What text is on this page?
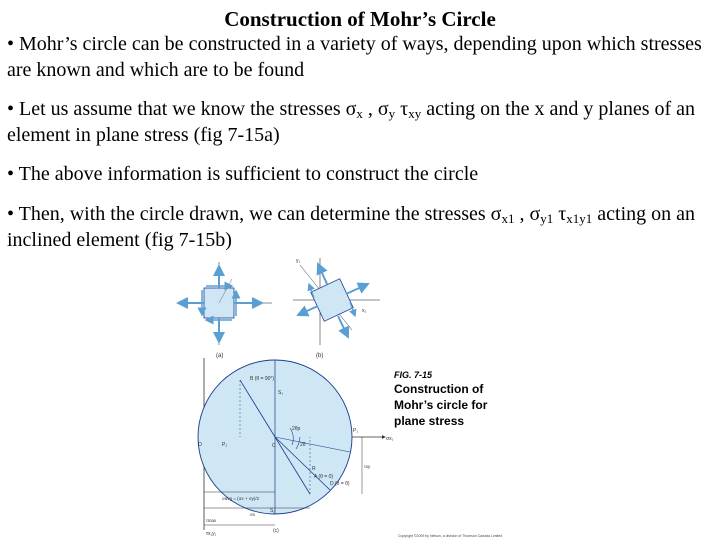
Construction of Mohr’s Circle
• Mohr’s circle can be constructed in a variety of ways, depending upon which stresses are known and which are to be found
• Let us assume that we know the stresses $\sigma_x$ , $\sigma_y$ $\tau_{xy}$ acting on the x and y planes of an element in plane stress (fig 7-15a)
• The above information is sufficient to construct the circle
• Then, with the circle drawn, we can determine the stresses $\sigma_{x1}$ , $\sigma_{y1}$ $\tau_{x1y1}$ acting on an inclined element (fig 7-15b)
(a)
x₁
y₁
(b)
B (θ = 90°)
A (θ = 0)
D (θ = θ)
C
O
S₁
S₂
P₁
P₂
σx₁
τx₁y₁
2θ
2θp
R
σavg = (σx + σy)/2
σx
τxy
τmax
(c)
FIG. 7-15
Construction of
Mohr’s circle for
plane stress
Copyright ©2009 by Nelson, a division of Thomson Canada Limited
